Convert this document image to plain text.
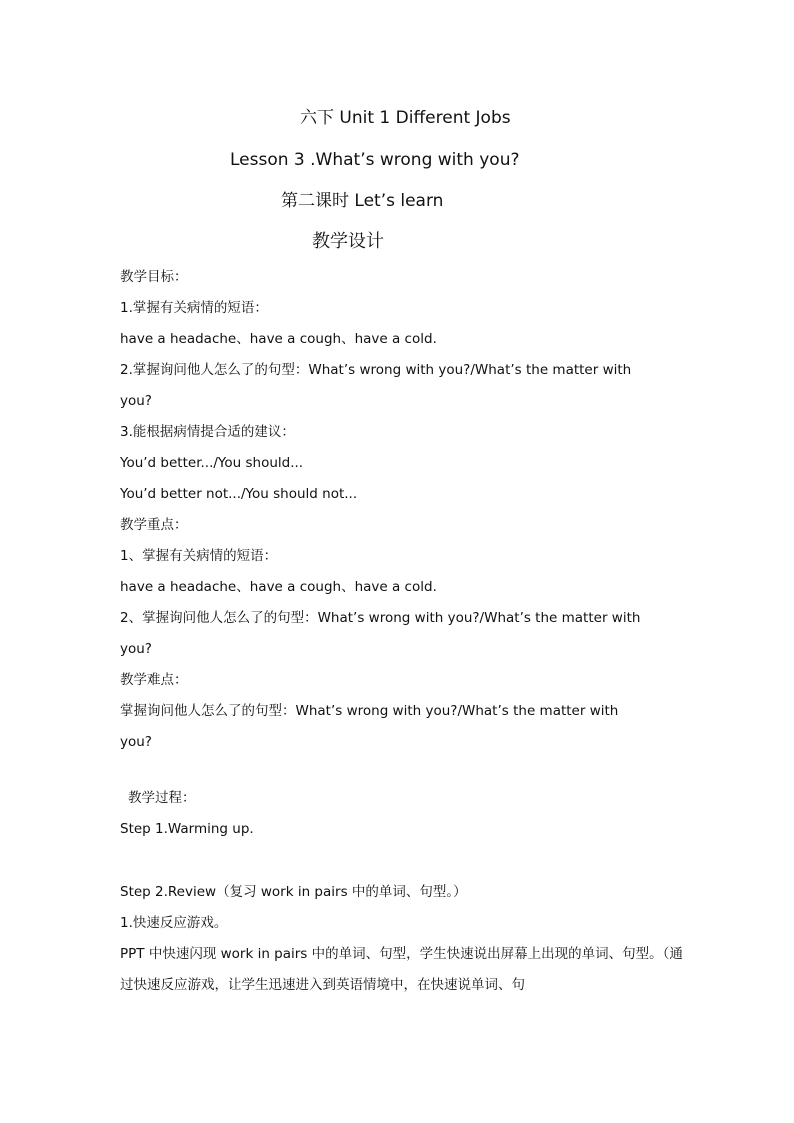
六下 Unit 1 Different Jobs
Lesson 3 .What’s wrong with you?
第二课时 Let’s learn
教学设计
教学目标：
1.掌握有关病情的短语：
have a headache、have a cough、have a cold.
2.掌握询问他人怎么了的句型：What’s wrong with you?/What’s the matter with
you?
3.能根据病情提合适的建议：
You’d better.../You should...
You’d better not.../You should not...
教学重点：
1、掌握有关病情的短语：
have a headache、have a cough、have a cold.
2、掌握询问他人怎么了的句型：What’s wrong with you?/What’s the matter with
you?
教学难点：
掌握询问他人怎么了的句型：What’s wrong with you?/What’s the matter with
you?
教学过程：
Step 1.Warming up.
Step 2.Review（复习 work in pairs 中的单词、句型。）
1.快速反应游戏。
PPT 中快速闪现 work in pairs 中的单词、句型，学生快速说出屏幕上出现的单词、句型。（通过快速反应游戏，让学生迅速进入到英语情境中，在快速说单词、句
